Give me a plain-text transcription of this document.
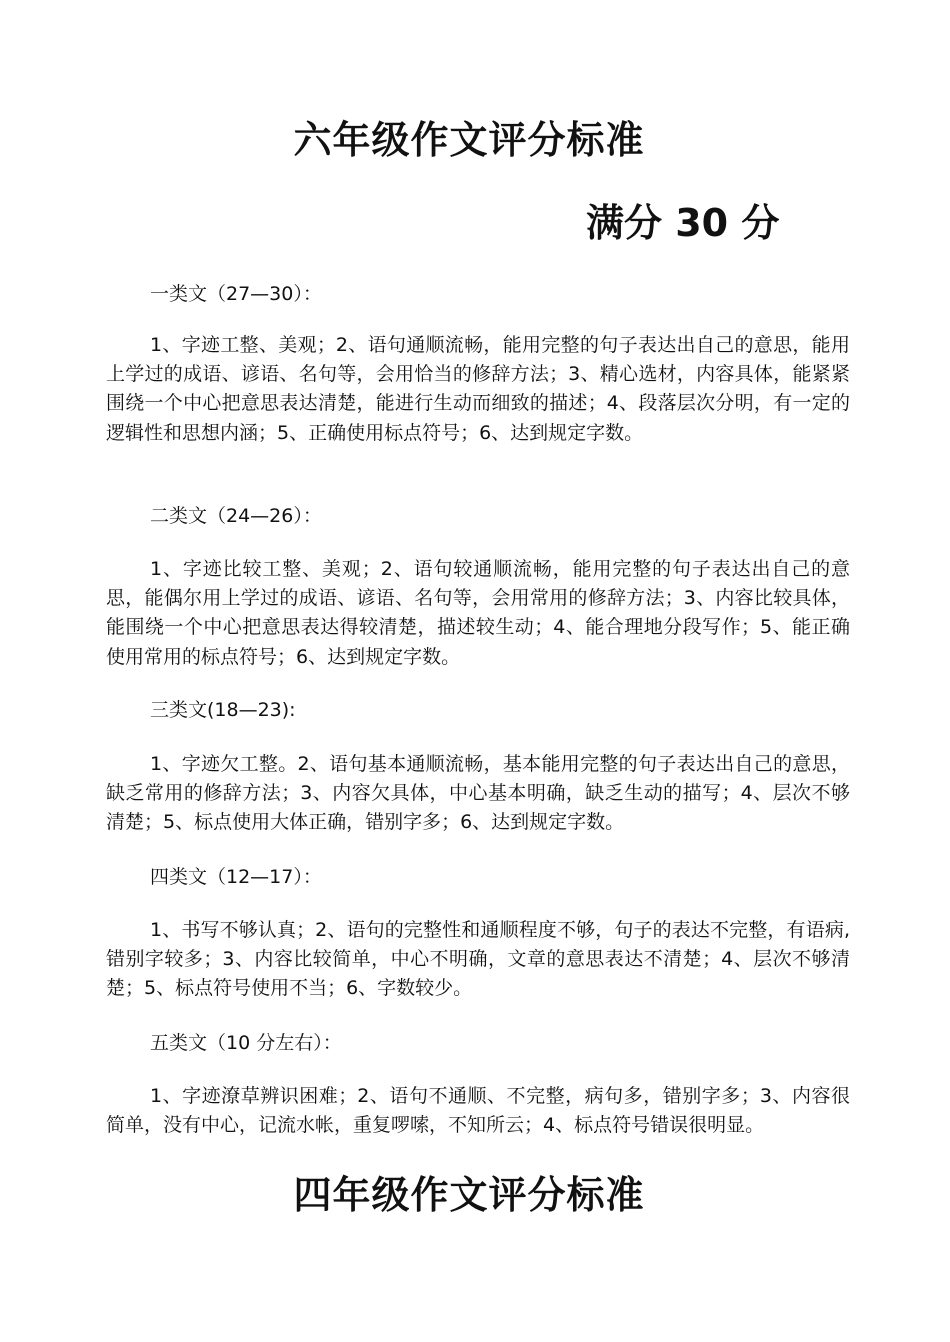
六年级作文评分标准
满分 30 分
一类文（27—30）：

1、字迹工整、美观；2、语句通顺流畅，能用完整的句子表达出自己的意思，能用上学过的成语、谚语、名句等，会用恰当的修辞方法；3、精心选材，内容具体，能紧紧围绕一个中心把意思表达清楚，能进行生动而细致的描述；4、段落层次分明，有一定的逻辑性和思想内涵；5、正确使用标点符号；6、达到规定字数。

二类文（24—26）：

1、字迹比较工整、美观；2、语句较通顺流畅，能用完整的句子表达出自己的意思，能偶尔用上学过的成语、谚语、名句等，会用常用的修辞方法；3、内容比较具体，能围绕一个中心把意思表达得较清楚，描述较生动；4、能合理地分段写作；5、能正确使用常用的标点符号；6、达到规定字数。

三类文(18—23):

1、字迹欠工整。2、语句基本通顺流畅，基本能用完整的句子表达出自己的意思，缺乏常用的修辞方法；3、内容欠具体，中心基本明确，缺乏生动的描写；4、层次不够清楚；5、标点使用大体正确，错别字多；6、达到规定字数。

四类文（12—17）：

1、书写不够认真；2、语句的完整性和通顺程度不够，句子的表达不完整，有语病,错别字较多；3、内容比较简单，中心不明确，文章的意思表达不清楚；4、层次不够清楚；5、标点符号使用不当；6、字数较少。

五类文（10 分左右）：

1、字迹潦草辨识困难；2、语句不通顺、不完整，病句多，错别字多；3、内容很简单，没有中心，记流水帐，重复啰嗦，不知所云；4、标点符号错误很明显。

四年级作文评分标准
